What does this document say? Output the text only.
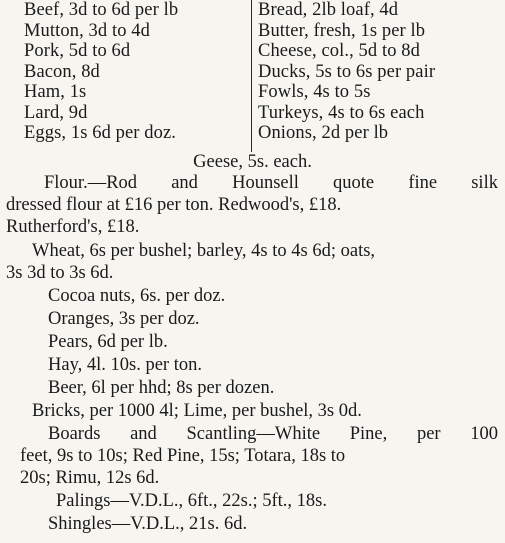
Beef, 3d to 6d per lb
Mutton, 3d to 4d
Pork, 5d to 6d
Bacon, 8d
Ham, 1s
Lard, 9d
Eggs, 1s 6d per doz.
Bread, 2lb loaf, 4d
Butter, fresh, 1s per lb
Cheese, col., 5d to 8d
Ducks, 5s to 6s per pair
Fowls, 4s to 5s
Turkeys, 4s to 6s each
Onions, 2d per lb
Geese, 5s. each.
Flour.—Rod and Hounsell quote fine silk
dressed flour at £16 per ton. Redwood's, £18.
Rutherford's, £18.
Wheat, 6s per bushel; barley, 4s to 4s 6d; oats,
3s 3d to 3s 6d.
Cocoa nuts, 6s. per doz.
Oranges, 3s per doz.
Pears, 6d per lb.
Hay, 4l. 10s. per ton.
Beer, 6l per hhd; 8s per dozen.
Bricks, per 1000 4l; Lime, per bushel, 3s 0d.
Boards and Scantling—White Pine, per 100
feet, 9s to 10s; Red Pine, 15s; Totara, 18s to
20s; Rimu, 12s 6d.
Palings—V.D.L., 6ft., 22s.; 5ft., 18s.
Shingles—V.D.L., 21s. 6d.
